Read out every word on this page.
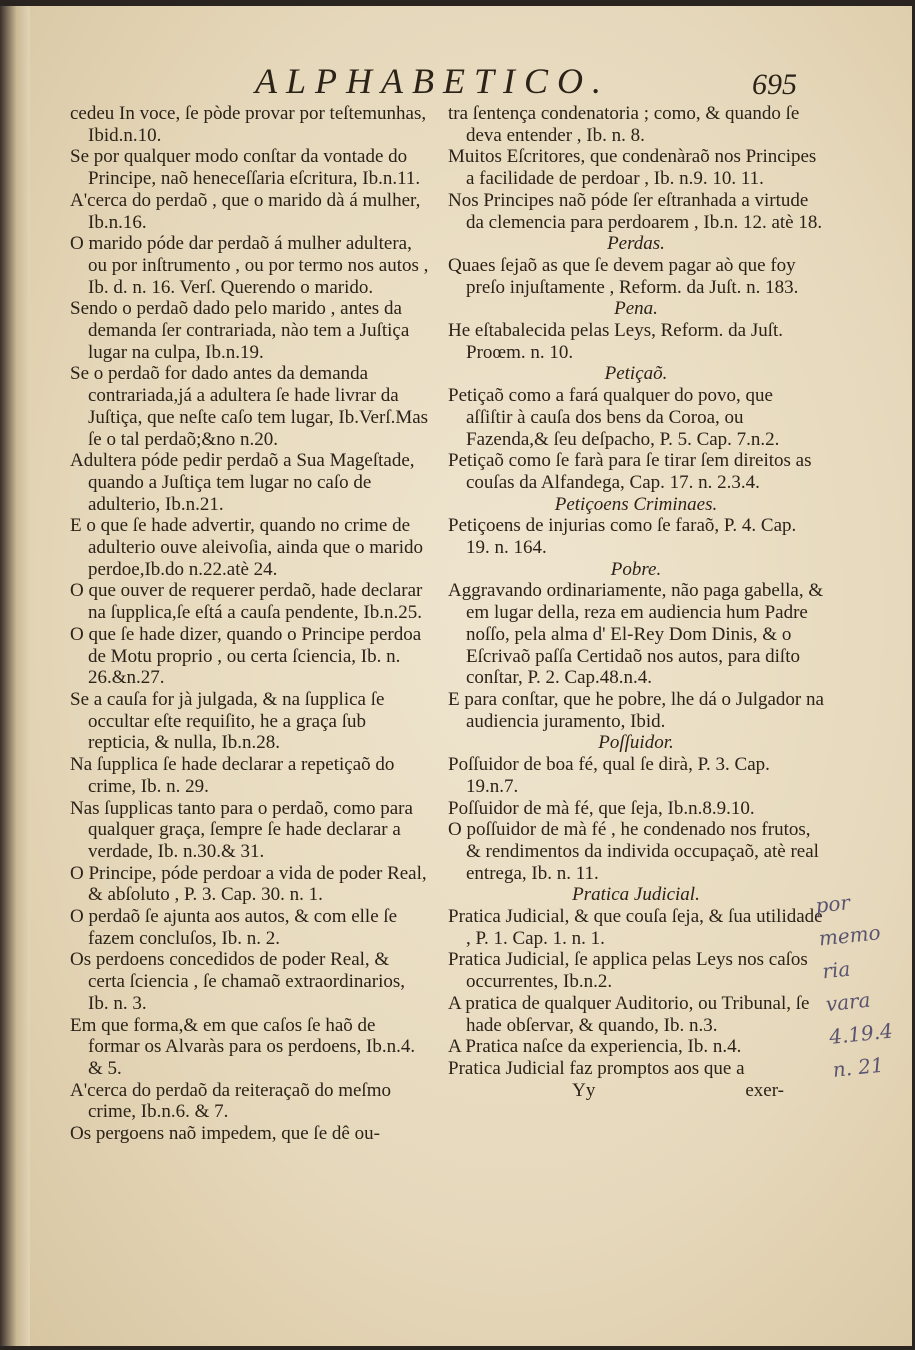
ALPHABETICO.	695

cedeu In voce, ſe pòde provar por teſtemunhas, Ibid.n.10.

Se por qualquer modo conſtar da vontade do Principe, naõ heneceſſaria eſcritura, Ib.n.11.

A'cerca do perdaõ , que o marido dà á mulher, Ib.n.16.

O marido póde dar perdaõ á mulher adultera, ou por inſtrumento , ou por termo nos autos , Ib. d. n. 16. Verſ. Querendo o marido.

Sendo o perdaõ dado pelo marido , antes da demanda ſer contrariada, nào tem a Juſtiça lugar na culpa, Ib.n.19.

Se o perdaõ for dado antes da demanda contrariada,já a adultera ſe hade livrar da Juſtiça, que neſte caſo tem lugar, Ib.Verſ.Mas ſe o tal perdaõ;&no n.20.

Adultera póde pedir perdaõ a Sua Mageſtade, quando a Juſtiça tem lugar no caſo de adulterio, Ib.n.21.

E o que ſe hade advertir, quando no crime de adulterio ouve aleivoſia, ainda que o marido perdoe,Ib.do n.22.atè 24.

O que ouver de requerer perdaõ, hade declarar na ſupplica,ſe eſtá a cauſa pendente, Ib.n.25.

O que ſe hade dizer, quando o Principe perdoa de Motu proprio , ou certa ſciencia, Ib. n. 26.&n.27.

Se a cauſa for jà julgada, & na ſupplica ſe occultar eſte requiſito, he a graça ſub repticia, & nulla, Ib.n.28.

Na ſupplica ſe hade declarar a repetiçaõ do crime, Ib. n. 29.

Nas ſupplicas tanto para o perdaõ, como para qualquer graça, ſempre ſe hade declarar a verdade, Ib. n.30.& 31.

O Principe, póde perdoar a vida de poder Real, & abſoluto , P. 3. Cap. 30. n. 1.

O perdaõ ſe ajunta aos autos, & com elle ſe fazem concluſos, Ib. n. 2.

Os perdoens concedidos de poder Real, & certa ſciencia , ſe chamaõ extraordinarios, Ib. n. 3.

Em que forma,& em que caſos ſe haõ de formar os Alvaràs para os perdoens, Ib.n.4. & 5.

A'cerca do perdaõ da reiteraçaõ do meſmo crime, Ib.n.6. & 7.

Os pergoens naõ impedem, que ſe dê ou-

tra ſentença condenatoria ; como, & quando ſe deva entender , Ib. n. 8.

Muitos Eſcritores, que condenàraõ nos Principes a facilidade de perdoar , Ib. n.9. 10. 11.

Nos Principes naõ póde ſer eſtranhada a virtude da clemencia para perdoarem , Ib.n. 12. atè 18.

Perdas.

Quaes ſejaõ as que ſe devem pagar aò que foy preſo injuſtamente , Reform. da Juſt. n. 183.

Pena.

He eſtabalecida pelas Leys, Reform. da Juſt. Proœm. n. 10.

Petiçaõ.

Petiçaõ como a fará qualquer do povo, que aſſiſtir à cauſa dos bens da Coroa, ou Fazenda,& ſeu deſpacho, P. 5. Cap. 7.n.2.

Petiçaõ como ſe farà para ſe tirar ſem direitos as couſas da Alfandega, Cap. 17. n. 2.3.4.

Petiçoens Criminaes.

Petiçoens de injurias como ſe faraõ, P. 4. Cap. 19. n. 164.

Pobre.

Aggravando ordinariamente, não paga gabella, & em lugar della, reza em audiencia hum Padre noſſo, pela alma d' El-Rey Dom Dinis, & o Eſcrivaõ paſſa Certidaõ nos autos, para diſto conſtar, P. 2. Cap.48.n.4.

E para conſtar, que he pobre, lhe dá o Julgador na audiencia juramento, Ibid.

Poſſuidor.

Poſſuidor de boa fé, qual ſe dirà, P. 3. Cap. 19.n.7.

Poſſuidor de mà fé, que ſeja, Ib.n.8.9.10.

O poſſuidor de mà fé , he condenado nos frutos, & rendimentos da individa occupaçaõ, atè real entrega, Ib. n. 11.

Pratica Judicial.

Pratica Judicial, & que couſa ſeja, & ſua utilidade , P. 1. Cap. 1. n. 1.

Pratica Judicial, ſe applica pelas Leys nos caſos occurrentes, Ib.n.2.

A pratica de qualquer Auditorio, ou Tribunal, ſe hade obſervar, & quando, Ib. n.3.

A Pratica naſce da experiencia, Ib. n.4.

Pratica Judicial faz promptos aos que a

Yy	exer-

por

memo

ria

vara

4.19.4

n. 21
